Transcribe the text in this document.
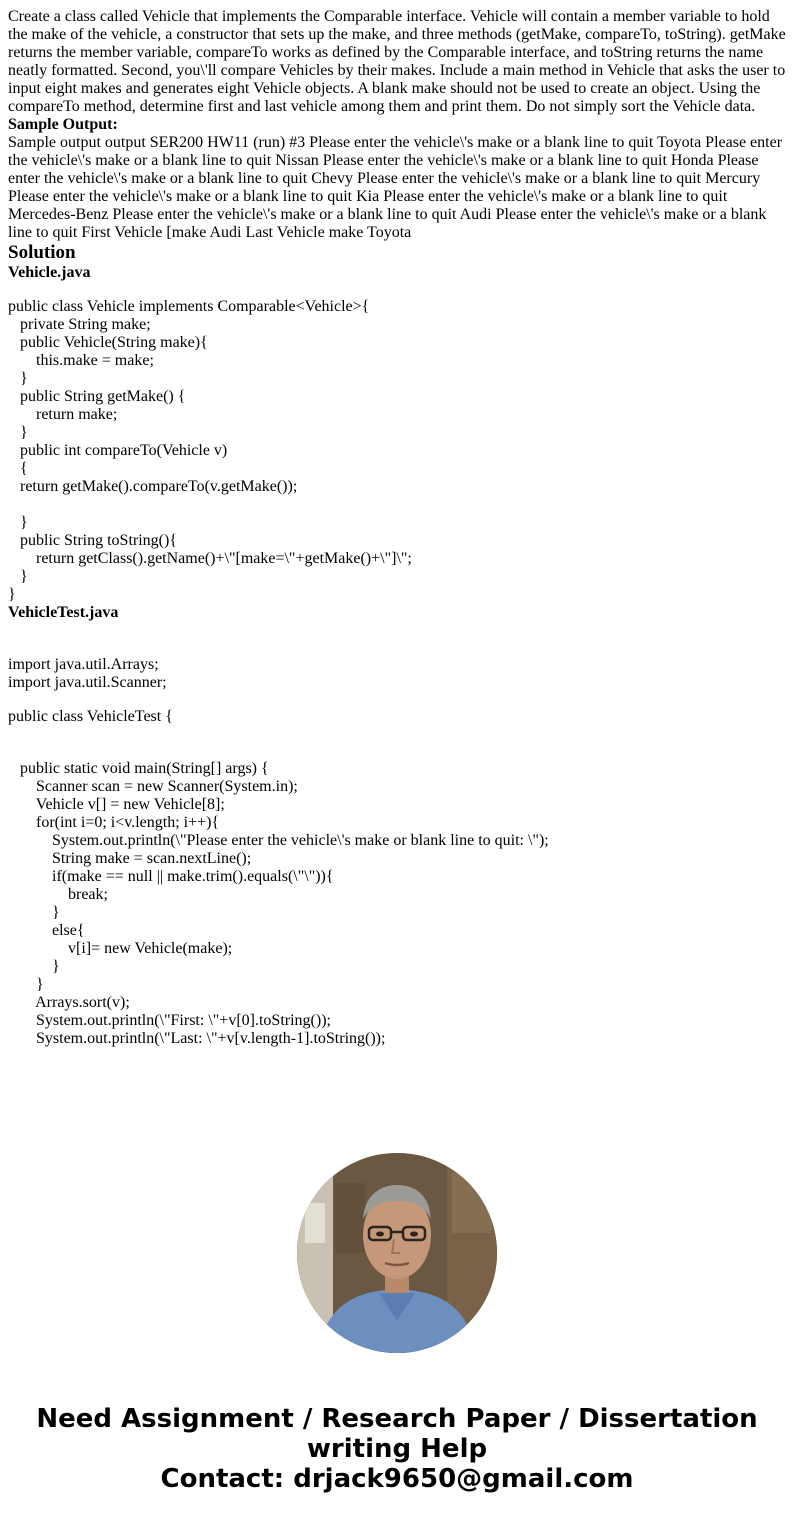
Create a class called Vehicle that implements the Comparable interface. Vehicle will contain a member variable to hold the make of the vehicle, a constructor that sets up the make, and three methods (getMake, compareTo, toString). getMake returns the member variable, compareTo works as defined by the Comparable interface, and toString returns the name neatly formatted. Second, you\'ll compare Vehicles by their makes. Include a main method in Vehicle that asks the user to input eight makes and generates eight Vehicle objects. A blank make should not be used to create an object. Using the compareTo method, determine first and last vehicle among them and print them. Do not simply sort the Vehicle data.

Sample Output:

Sample output output SER200 HW11 (run) #3 Please enter the vehicle\'s make or a blank line to quit Toyota Please enter the vehicle\'s make or a blank line to quit Nissan Please enter the vehicle\'s make or a blank line to quit Honda Please enter the vehicle\'s make or a blank line to quit Chevy Please enter the vehicle\'s make or a blank line to quit Mercury Please enter the vehicle\'s make or a blank line to quit Kia Please enter the vehicle\'s make or a blank line to quit Mercedes-Benz Please enter the vehicle\'s make or a blank line to quit Audi Please enter the vehicle\'s make or a blank line to quit First Vehicle [make Audi Last Vehicle make Toyota

Solution

Vehicle.java

public class Vehicle implements Comparable<Vehicle>{
private String make;
public Vehicle(String make){
this.make = make;
}
public String getMake() {
return make;
}
public int compareTo(Vehicle v)
{
return getMake().compareTo(v.getMake());

}
public String toString(){
return getClass().getName()+\"[make=\"+getMake()+\"]\";
}
}

VehicleTest.java

import java.util.Arrays;
import java.util.Scanner;
public class VehicleTest {
public static void main(String[] args) {
Scanner scan = new Scanner(System.in);
Vehicle v[] = new Vehicle[8];
for(int i=0; i<v.length; i++){
System.out.println(\"Please enter the vehicle\'s make or blank line to quit: \");
String make = scan.nextLine();
if(make == null || make.trim().equals(\"\")){
break;
}
else{
v[i]= new Vehicle(make);
}
}
Arrays.sort(v);
System.out.println(\"First: \"+v[0].toString());
System.out.println(\"Last: \"+v[v.length-1].toString());
Need Assignment / Research Paper / Dissertation
writing Help
Contact: drjack9650@gmail.com
